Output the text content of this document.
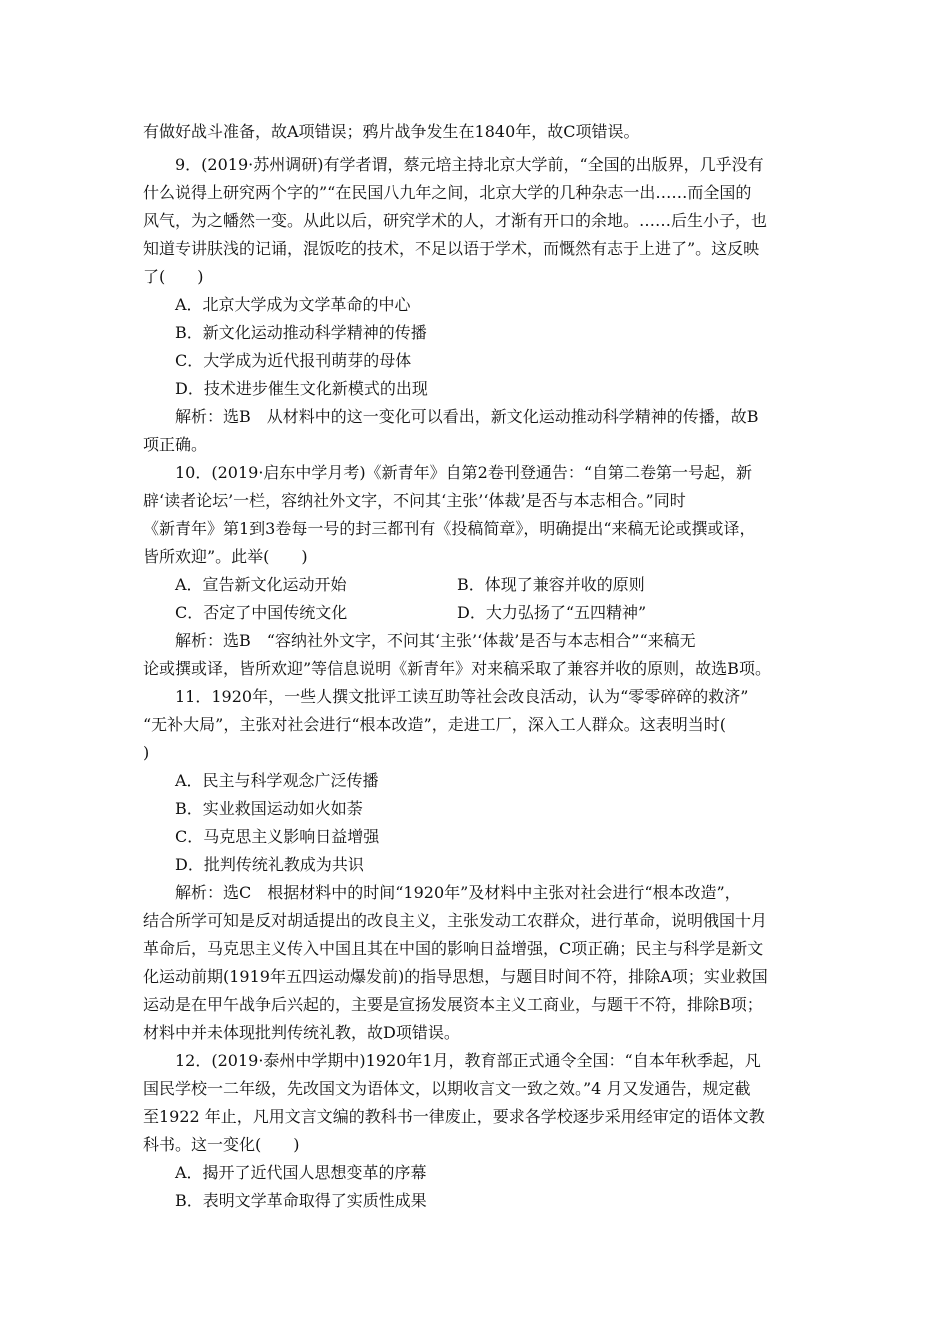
有做好战斗准备，故A项错误；鸦片战争发生在1840年，故C项错误。
9．(2019·苏州调研)有学者谓，蔡元培主持北京大学前，“全国的出版界，几乎没有
什么说得上研究两个字的”“在民国八九年之间，北京大学的几种杂志一出……而全国的
风气，为之幡然一变。从此以后，研究学术的人，才渐有开口的余地。……后生小子，也
知道专讲肤浅的记诵，混饭吃的技术，不足以语于学术，而慨然有志于上进了”。这反映
了(　　)
A．北京大学成为文学革命的中心
B．新文化运动推动科学精神的传播
C．大学成为近代报刊萌芽的母体
D．技术进步催生文化新模式的出现
解析：选B　从材料中的这一变化可以看出，新文化运动推动科学精神的传播，故B
项正确。
10．(2019·启东中学月考)《新青年》自第2卷刊登通告：“自第二卷第一号起，新
辟‘读者论坛’一栏，容纳社外文字，不问其‘主张’‘体裁’是否与本志相合。”同时
《新青年》第1到3卷每一号的封三都刊有《投稿简章》，明确提出“来稿无论或撰或译，
皆所欢迎”。此举(　　)
A．宣告新文化运动开始	B．体现了兼容并收的原则
C．否定了中国传统文化	D．大力弘扬了“五四精神”
解析：选B　“容纳社外文字，不问其‘主张’‘体裁’是否与本志相合”“来稿无
论或撰或译，皆所欢迎”等信息说明《新青年》对来稿采取了兼容并收的原则，故选B项。
11．1920年，一些人撰文批评工读互助等社会改良活动，认为“零零碎碎的救济”
“无补大局”，主张对社会进行“根本改造”，走进工厂，深入工人群众。这表明当时(
)
A．民主与科学观念广泛传播
B．实业救国运动如火如荼
C．马克思主义影响日益增强
D．批判传统礼教成为共识
解析：选C　根据材料中的时间“1920年”及材料中主张对社会进行“根本改造”，
结合所学可知是反对胡适提出的改良主义，主张发动工农群众，进行革命，说明俄国十月
革命后，马克思主义传入中国且其在中国的影响日益增强，C项正确；民主与科学是新文
化运动前期(1919年五四运动爆发前)的指导思想，与题目时间不符，排除A项；实业救国
运动是在甲午战争后兴起的，主要是宣扬发展资本主义工商业，与题干不符，排除B项；
材料中并未体现批判传统礼教，故D项错误。
12．(2019·泰州中学期中)1920年1月，教育部正式通令全国：“自本年秋季起，凡
国民学校一二年级，先改国文为语体文，以期收言文一致之效。”4 月又发通告，规定截
至1922 年止，凡用文言文编的教科书一律废止，要求各学校逐步采用经审定的语体文教
科书。这一变化(　　)
A．揭开了近代国人思想变革的序幕
B．表明文学革命取得了实质性成果
